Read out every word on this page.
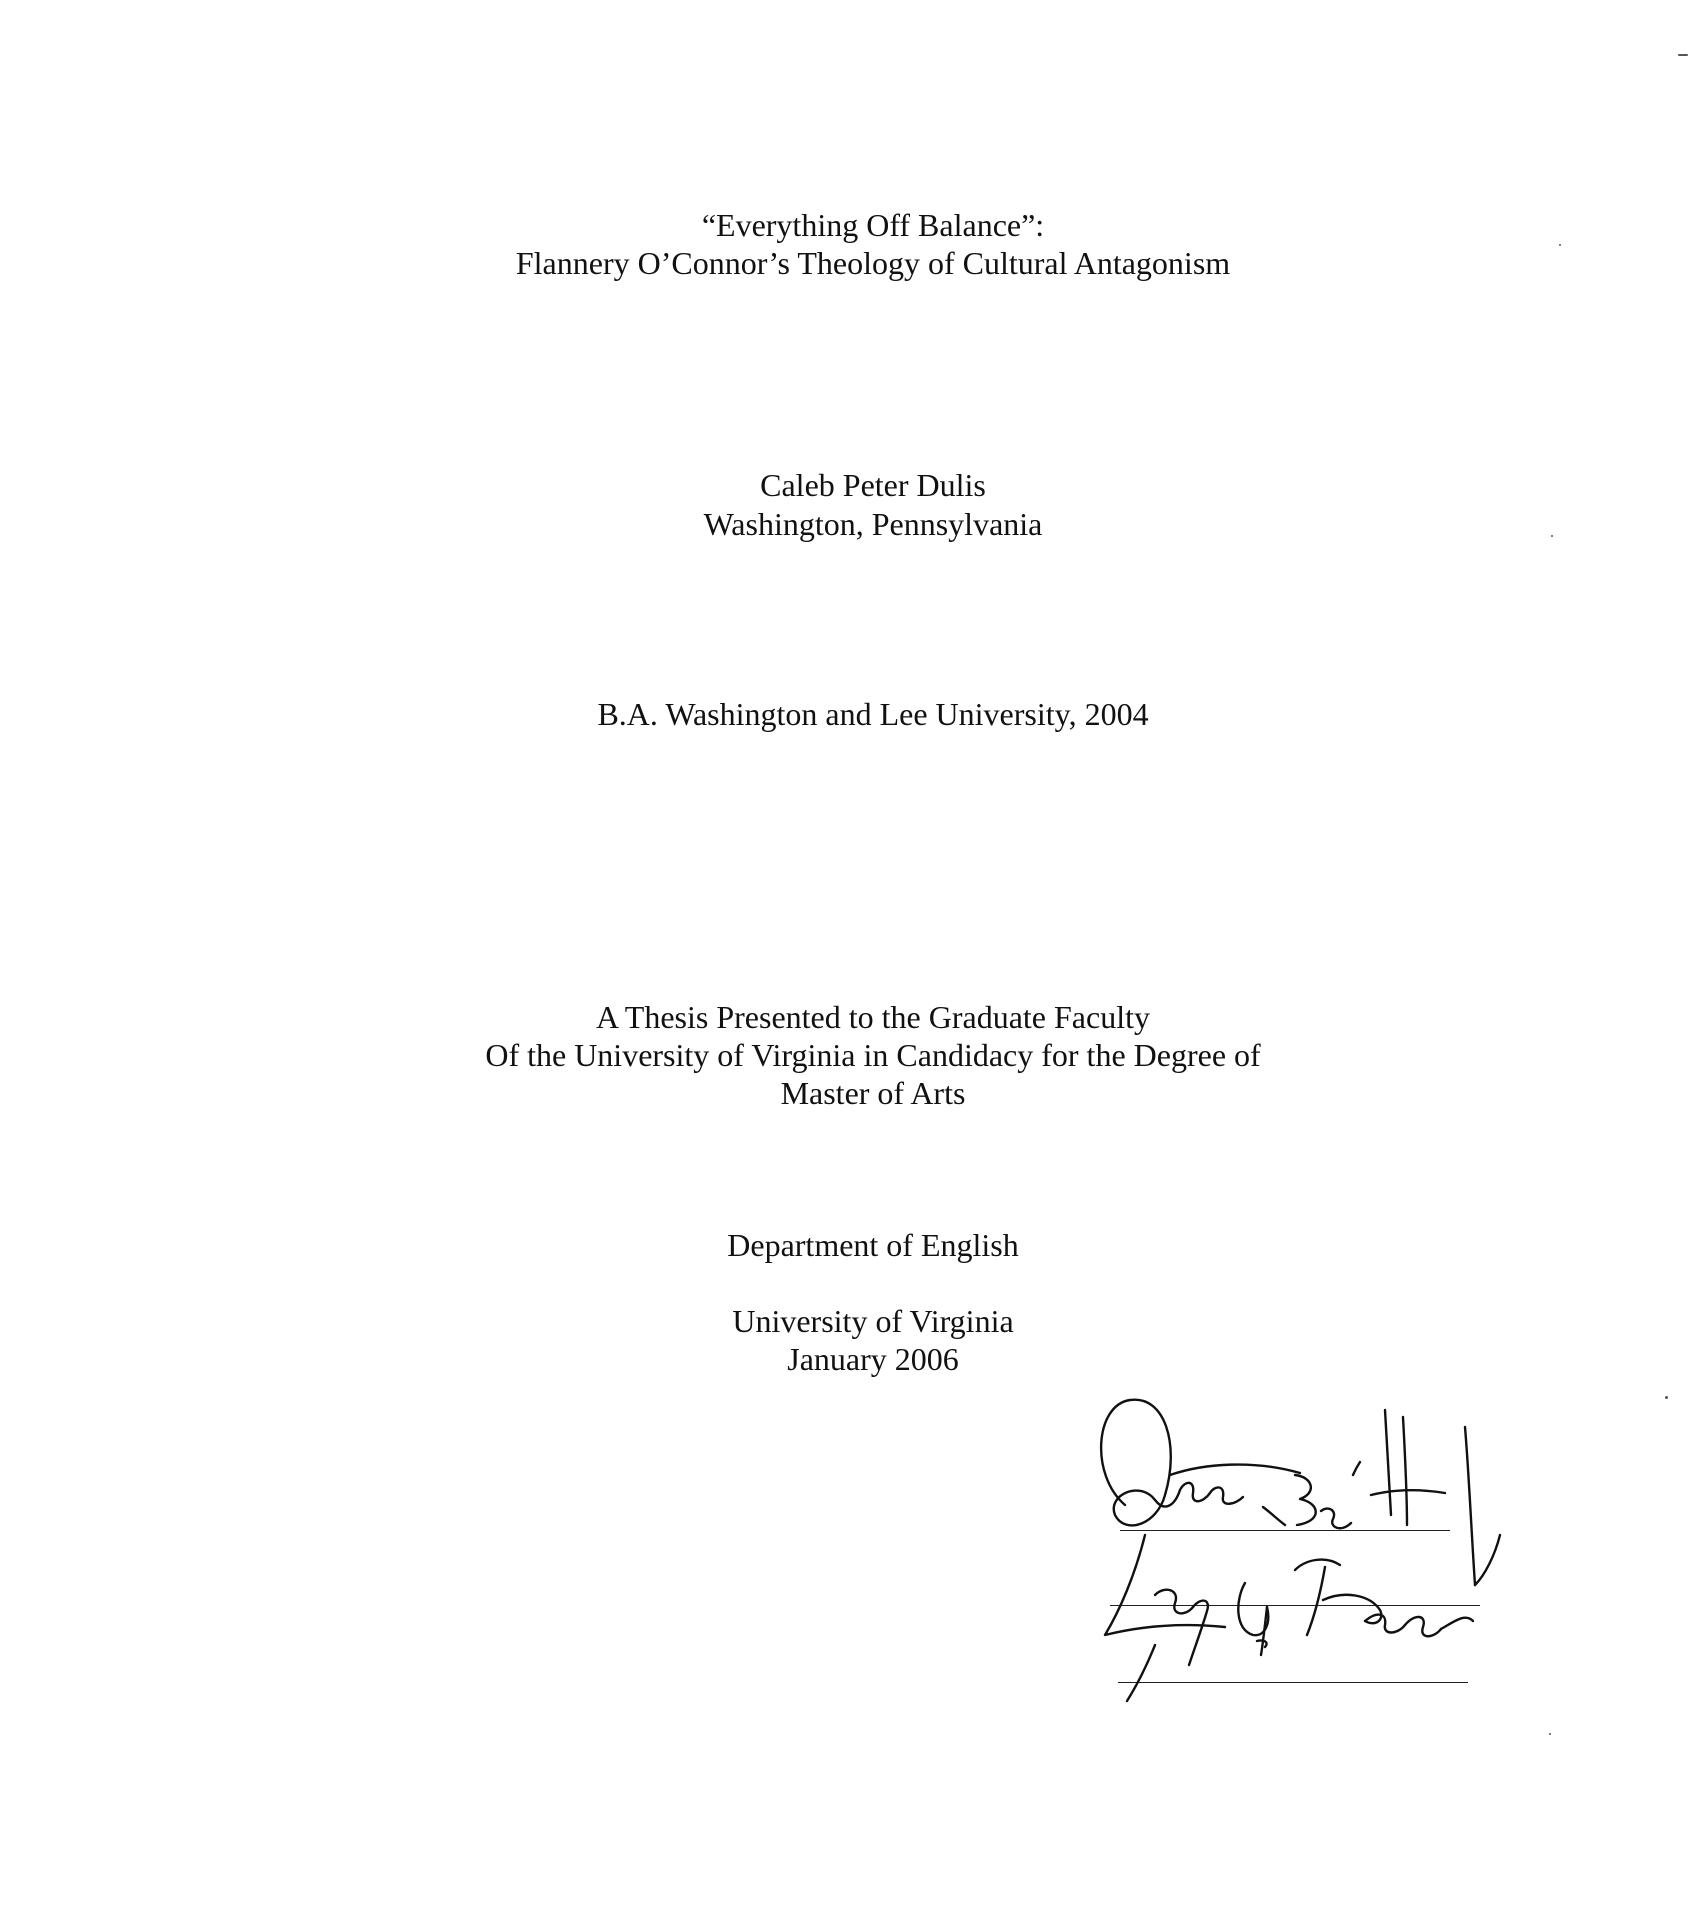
“Everything Off Balance”:
Flannery O’Connor’s Theology of Cultural Antagonism
Caleb Peter Dulis
Washington, Pennsylvania
B.A. Washington and Lee University, 2004
A Thesis Presented to the Graduate Faculty
Of the University of Virginia in Candidacy for the Degree of
Master of Arts
Department of English
University of Virginia
January 2006
